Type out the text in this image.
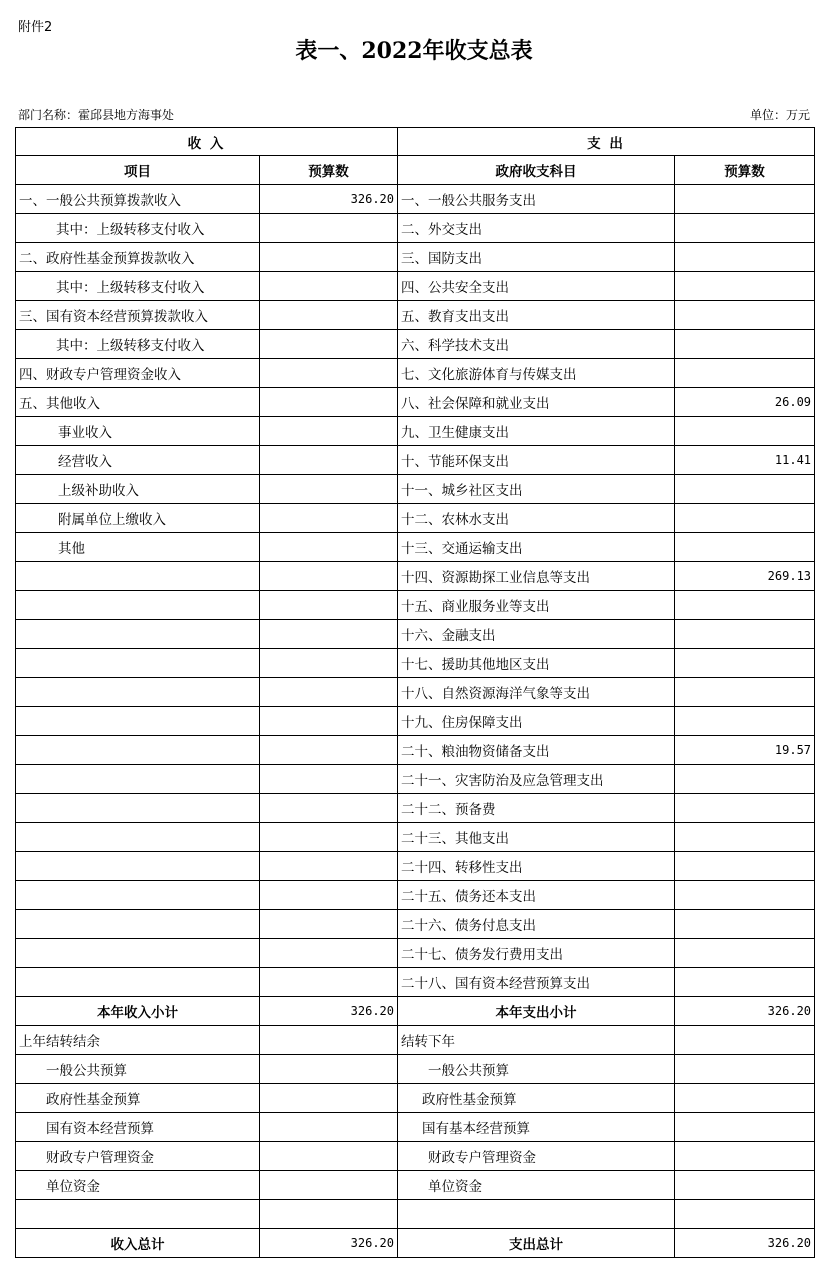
附件2
表一、2022年收支总表
部门名称：霍邱县地方海事处	单位：万元
收 入		支 出	
项目	预算数	政府收支科目	预算数
一、一般公共预算拨款收入	326.20	一、一般公共服务支出	
其中：上级转移支付收入		二、外交支出	
二、政府性基金预算拨款收入		三、国防支出	
其中：上级转移支付收入		四、公共安全支出	
三、国有资本经营预算拨款收入		五、教育支出支出	
其中：上级转移支付收入		六、科学技术支出	
四、财政专户管理资金收入		七、文化旅游体育与传媒支出	
五、其他收入		八、社会保障和就业支出	26.09
事业收入		九、卫生健康支出	
经营收入		十、节能环保支出	11.41
上级补助收入		十一、城乡社区支出	
附属单位上缴收入		十二、农林水支出	
其他		十三、交通运输支出	
		十四、资源勘探工业信息等支出	269.13
		十五、商业服务业等支出	
		十六、金融支出	
		十七、援助其他地区支出	
		十八、自然资源海洋气象等支出	
		十九、住房保障支出	
		二十、粮油物资储备支出	19.57
		二十一、灾害防治及应急管理支出	
		二十二、预备费	
		二十三、其他支出	
		二十四、转移性支出	
		二十五、债务还本支出	
		二十六、债务付息支出	
		二十七、债务发行费用支出	
		二十八、国有资本经营预算支出	
本年收入小计	326.20	本年支出小计	326.20
上年结转结余		结转下年	
一般公共预算		一般公共预算	
政府性基金预算		政府性基金预算	
国有资本经营预算		国有基本经营预算	
财政专户管理资金		财政专户管理资金	
单位资金		单位资金	

收入总计	326.20	支出总计	326.20
